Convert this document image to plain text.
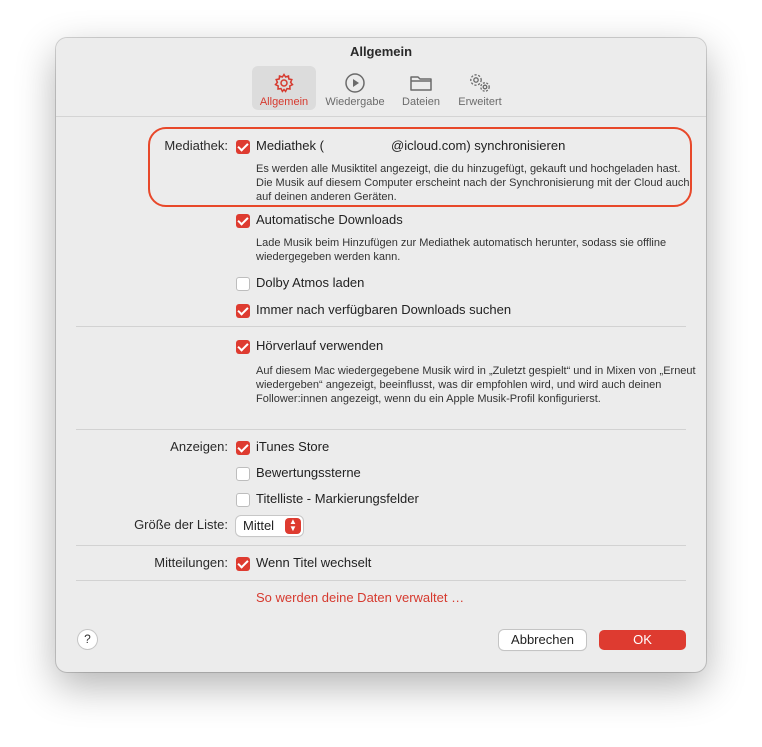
Allgemein
Allgemein	Wiedergabe	Dateien	Erweitert
Mediathek: Mediathek (	@icloud.com) synchronisieren
Es werden alle Musiktitel angezeigt, die du hinzugefügt, gekauft und hochgeladen hast. Die Musik auf diesem Computer erscheint nach der Synchronisierung mit der Cloud auch auf deinen anderen Geräten.
Automatische Downloads
Lade Musik beim Hinzufügen zur Mediathek automatisch herunter, sodass sie offline wiedergegeben werden kann.
Dolby Atmos laden
Immer nach verfügbaren Downloads suchen
Hörverlauf verwenden
Auf diesem Mac wiedergegebene Musik wird in „Zuletzt gespielt“ und in Mixen von „Erneut wiedergeben“ angezeigt, beeinflusst, was dir empfohlen wird, und wird auch deinen Follower:innen angezeigt, wenn du ein Apple Musik-Profil konfigurierst.
Anzeigen: iTunes Store
Bewertungssterne
Titelliste - Markierungsfelder
Größe der Liste: Mittel	▲
▼
Mitteilungen: Wenn Titel wechselt
So werden deine Daten verwaltet …
?	Abbrechen	OK
